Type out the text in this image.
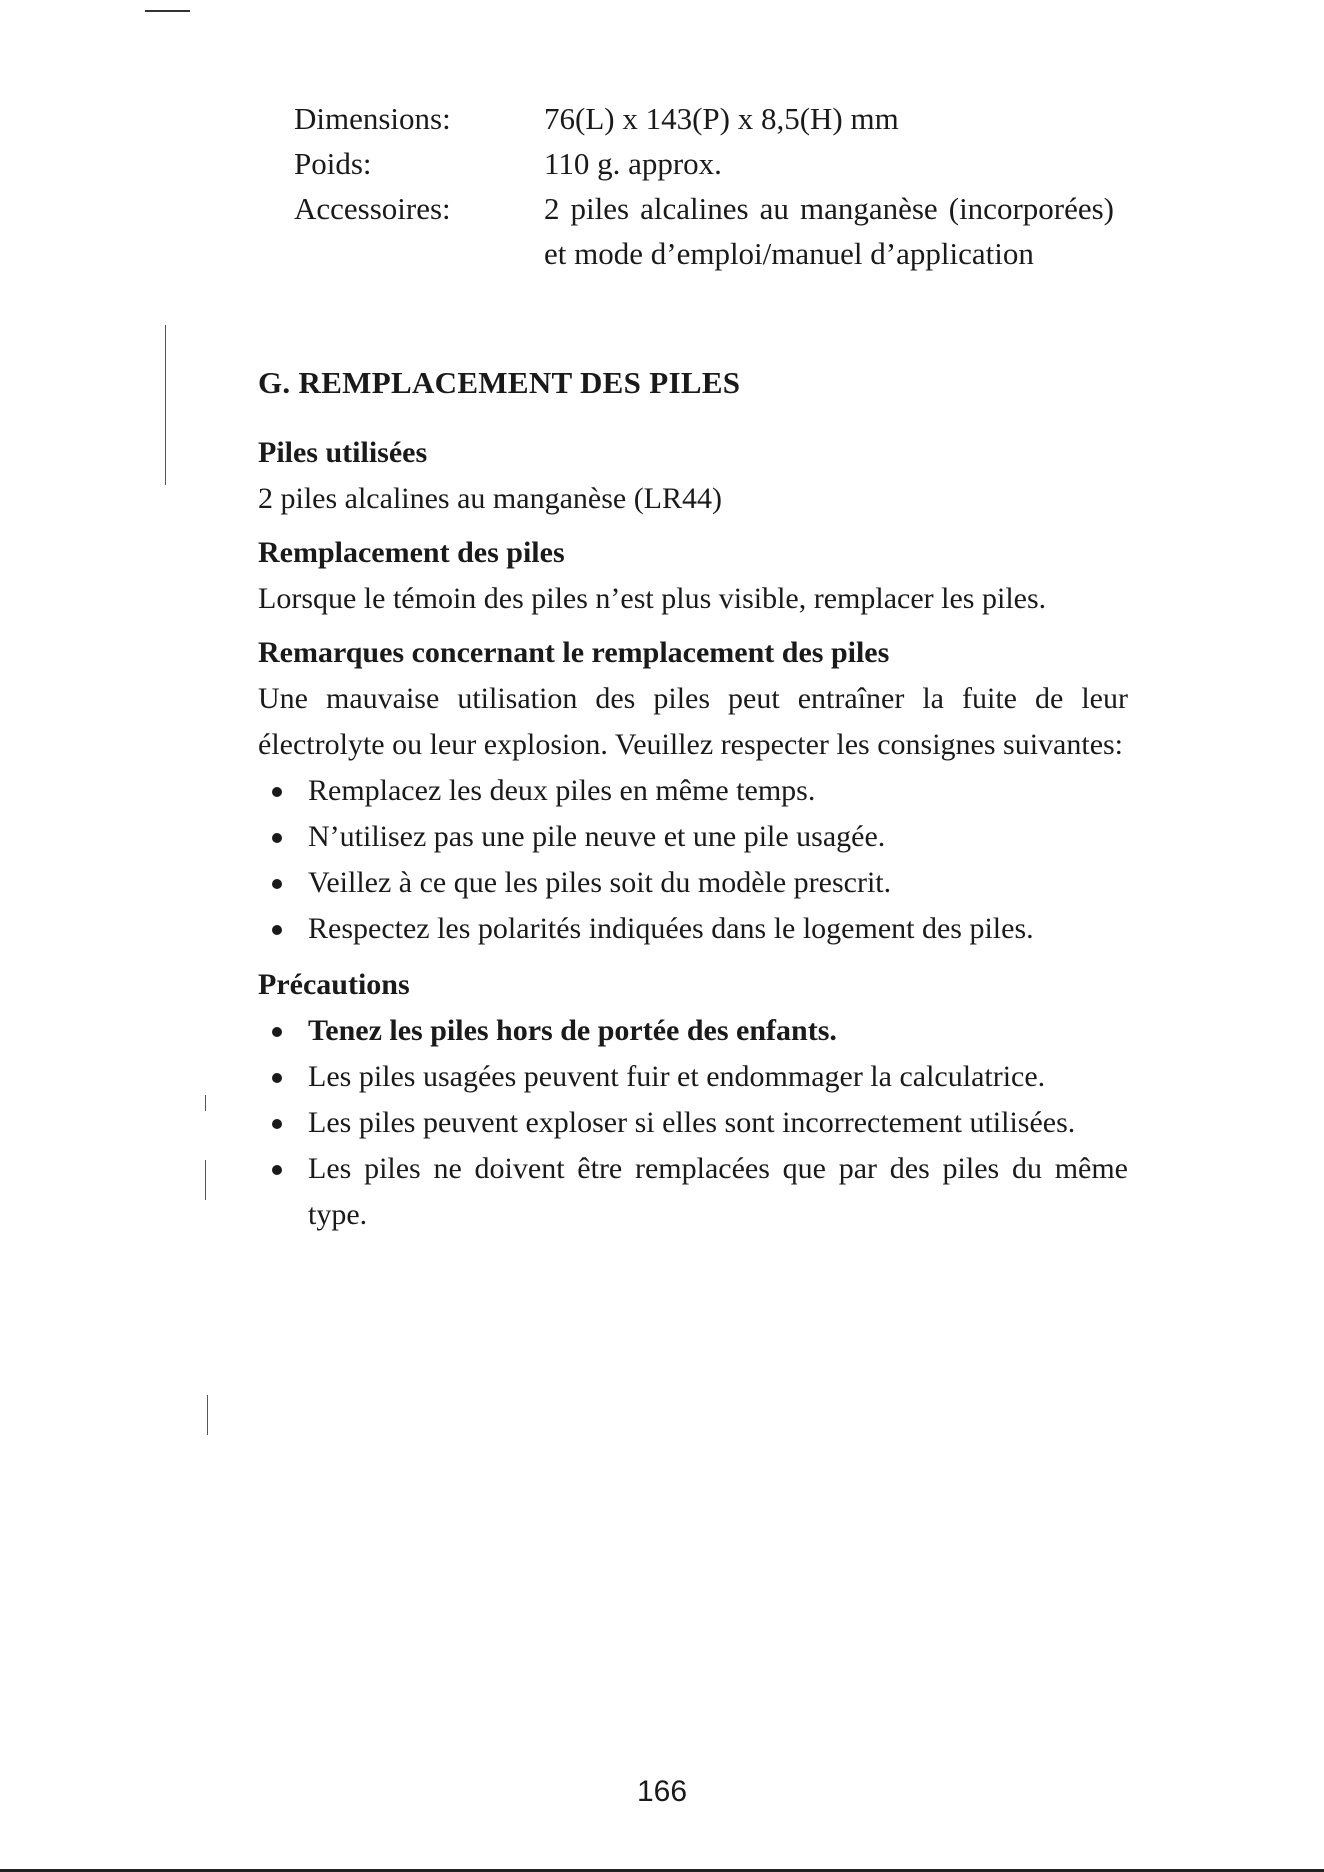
Dimensions:	76(L) x 143(P) x 8,5(H) mm
Poids:	110 g. approx.
Accessoires:	2 piles alcalines au manganèse (incorporées) et mode d’emploi/manuel d’application
G. REMPLACEMENT DES PILES
Piles utilisées

2 piles alcalines au manganèse (LR44)

Remplacement des piles

Lorsque le témoin des piles n’est plus visible, remplacer les piles.

Remarques concernant le remplacement des piles

Une mauvaise utilisation des piles peut entraîner la fuite de leur électrolyte ou leur explosion. Veuillez respecter les consignes suivantes:

Remplacez les deux piles en même temps.
N’utilisez pas une pile neuve et une pile usagée.
Veillez à ce que les piles soit du modèle prescrit.
Respectez les polarités indiquées dans le logement des piles.
Précautions
Tenez les piles hors de portée des enfants.
Les piles usagées peuvent fuir et endommager la calculatrice.
Les piles peuvent exploser si elles sont incorrectement utilisées.
Les piles ne doivent être remplacées que par des piles du même type.
166
